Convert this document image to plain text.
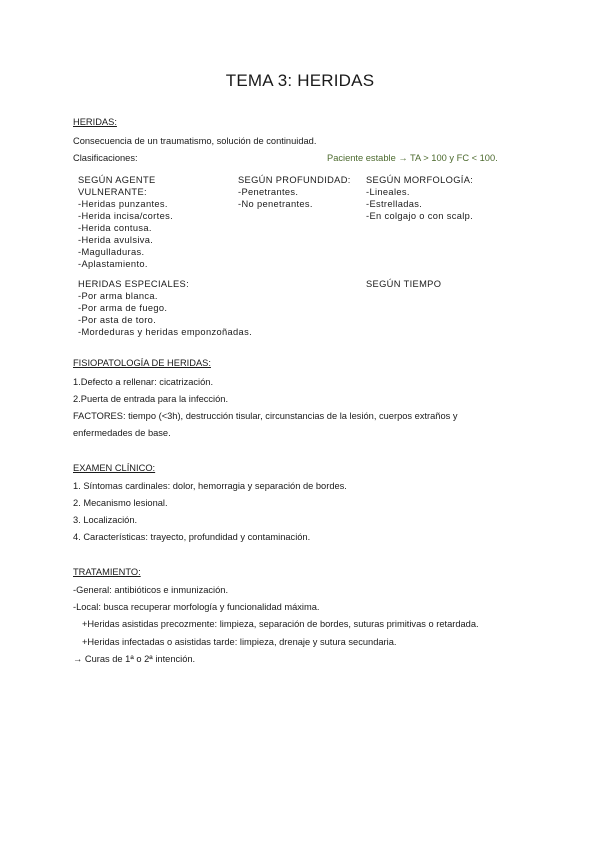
TEMA 3: HERIDAS
HERIDAS:
Consecuencia de un traumatismo, solución de continuidad.
Clasificaciones:	Paciente estable → TA > 100 y FC < 100.
SEGÚN AGENTE
VULNERANTE:
-Heridas punzantes.
-Herida incisa/cortes.
-Herida contusa.
-Herida avulsiva.
-Magulladuras.
-Aplastamiento.
SEGÚN PROFUNDIDAD:
-Penetrantes.
-No penetrantes.
SEGÚN MORFOLOGÍA:
-Lineales.
-Estrelladas.
-En colgajo o con scalp.
HERIDAS ESPECIALES:
-Por arma blanca.
-Por arma de fuego.
-Por asta de toro.
-Mordeduras y heridas emponzoñadas.
SEGÚN TIEMPO
FISIOPATOLOGÍA DE HERIDAS:
1.Defecto a rellenar: cicatrización.
2.Puerta de entrada para la infección.
FACTORES: tiempo (<3h), destrucción tisular, circunstancias de la lesión, cuerpos extraños y
enfermedades de base.
EXAMEN CLÍNICO:
1. Síntomas cardinales: dolor, hemorragia y separación de bordes.
2. Mecanismo lesional.
3. Localización.
4. Características: trayecto, profundidad y contaminación.
TRATAMIENTO:
-General: antibióticos e inmunización.
-Local: busca recuperar morfología y funcionalidad máxima.
+Heridas asistidas precozmente: limpieza, separación de bordes, suturas primitivas o retardada.
+Heridas infectadas o asistidas tarde: limpieza, drenaje y sutura secundaria.
→ Curas de 1ª o 2ª intención.
